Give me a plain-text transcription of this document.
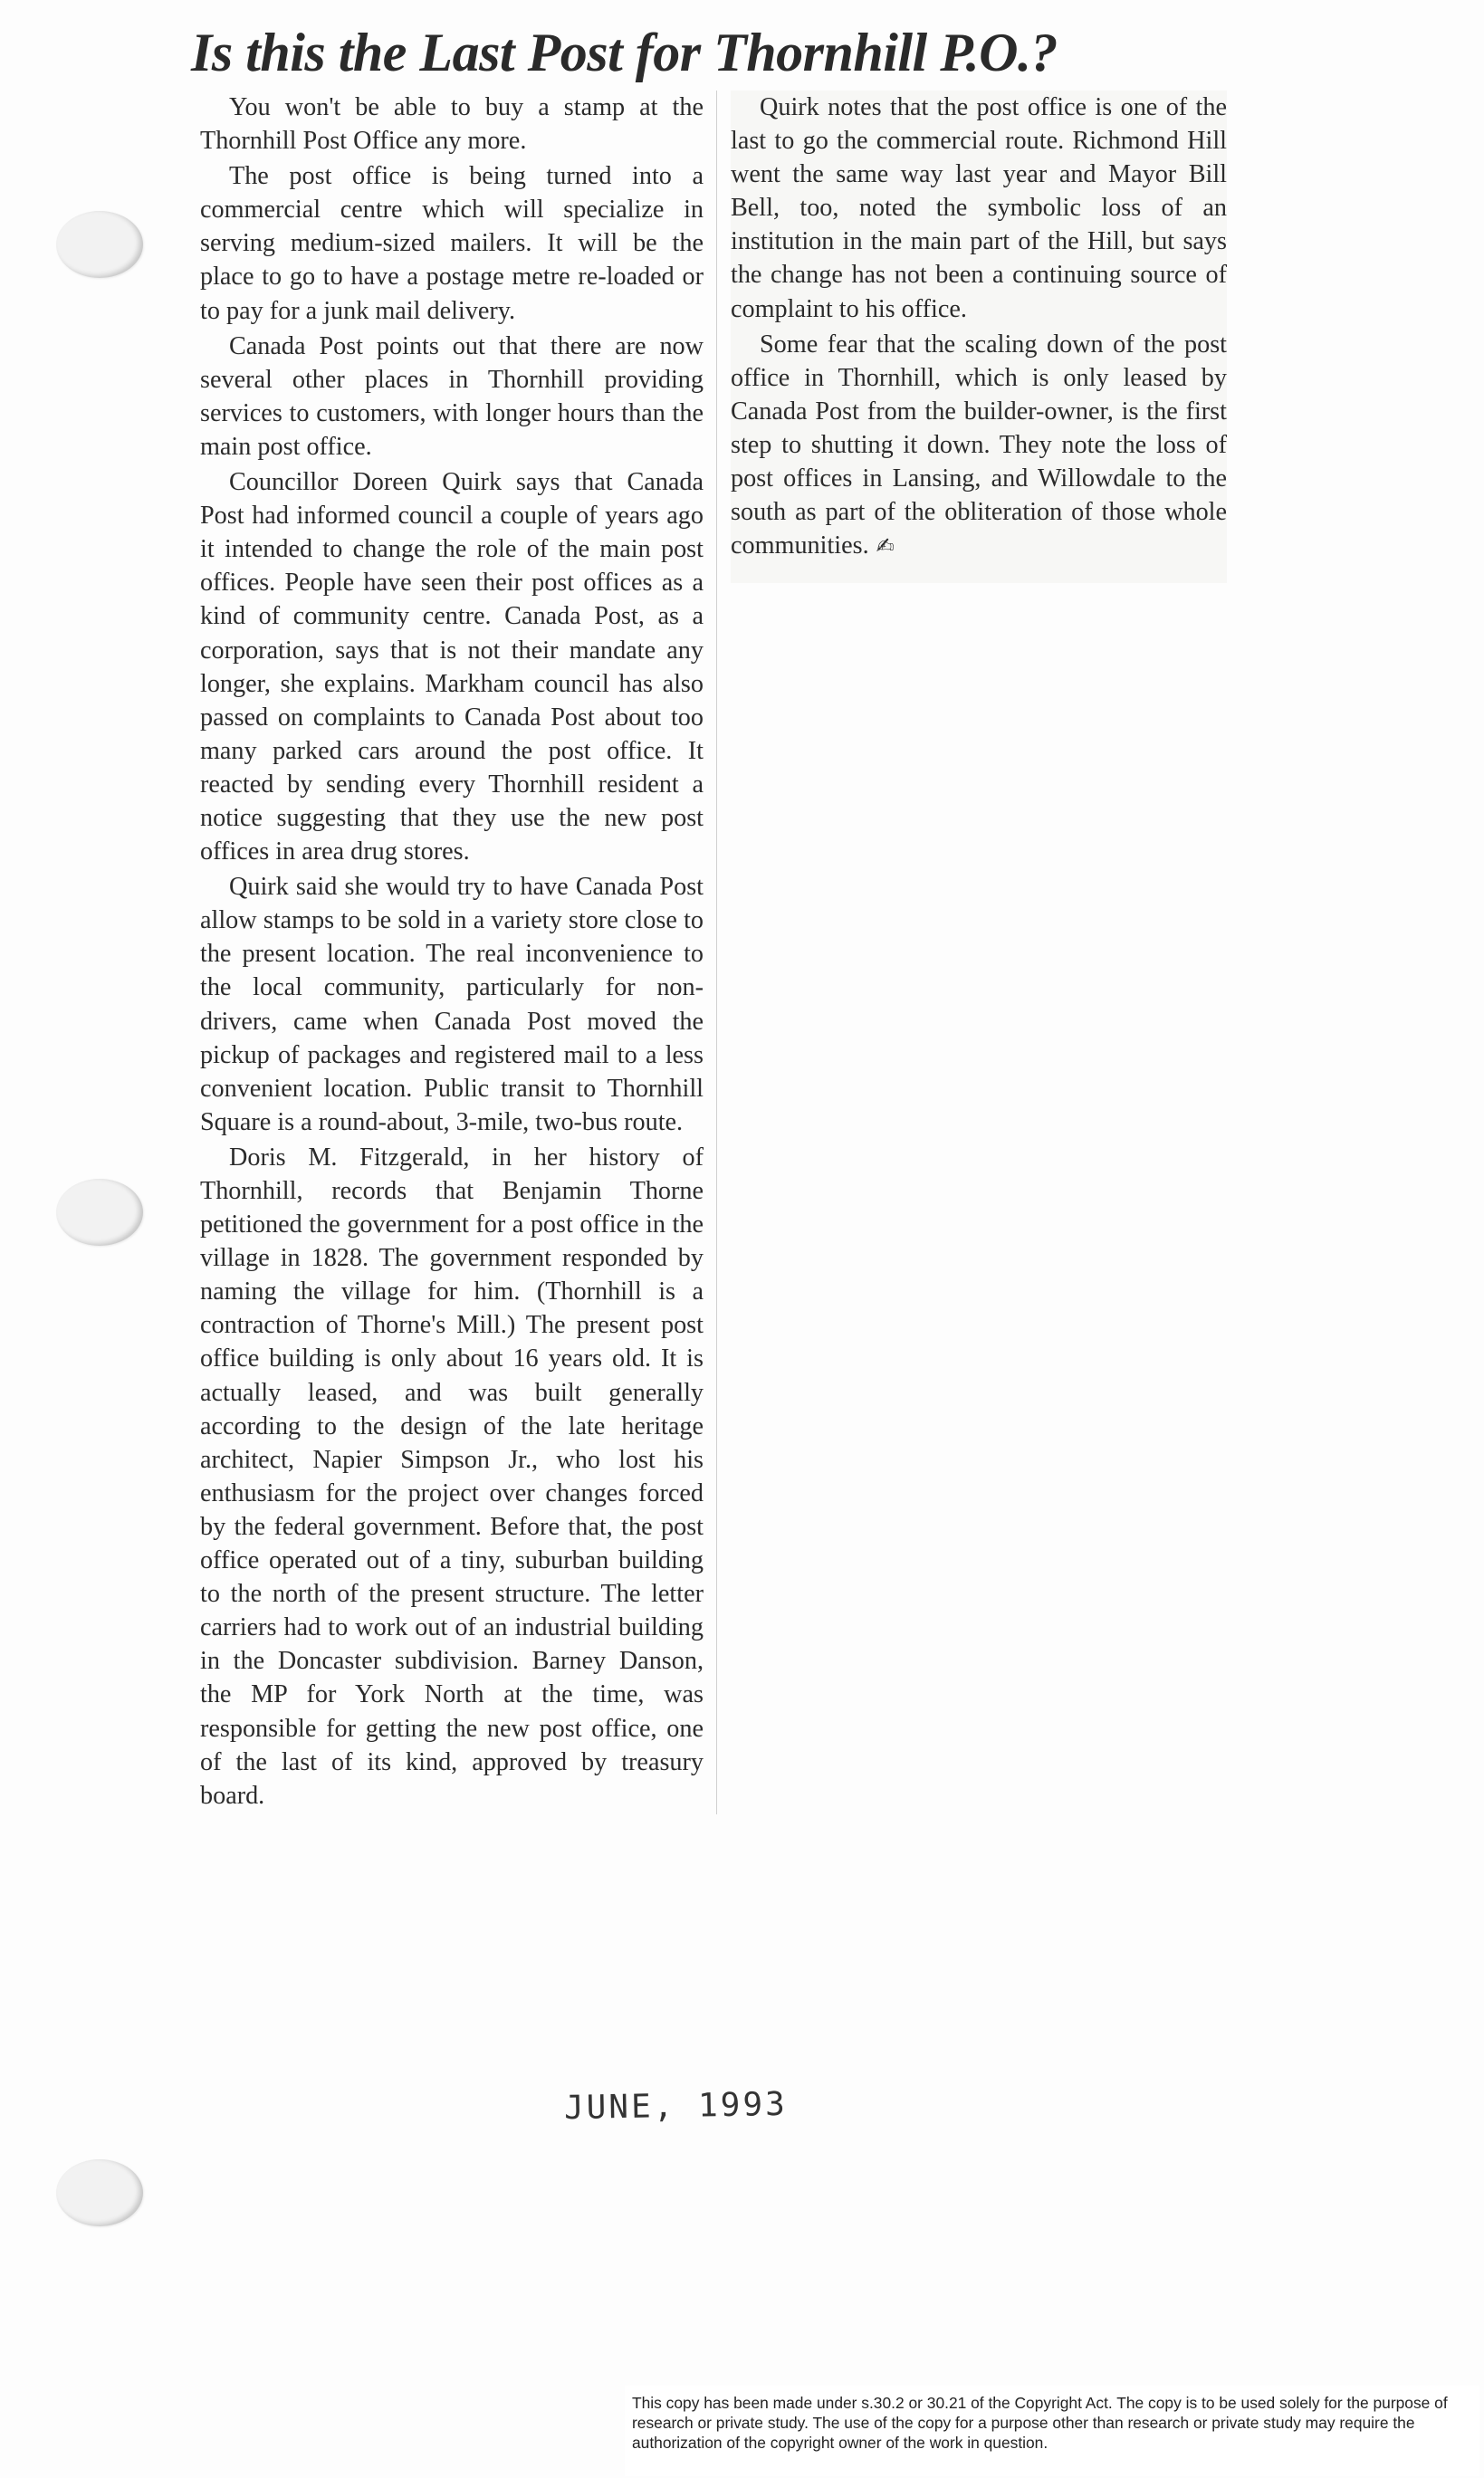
Is this the Last Post for Thornhill P.O.?

You won't be able to buy a stamp at the Thornhill Post Office any more.

The post office is being turned into a commercial centre which will specialize in serving medium-sized mailers. It will be the place to go to have a postage metre re-loaded or to pay for a junk mail delivery.

Canada Post points out that there are now several other places in Thornhill providing services to customers, with longer hours than the main post office.

Councillor Doreen Quirk says that Canada Post had informed council a couple of years ago it intended to change the role of the main post offices. People have seen their post offices as a kind of community centre. Canada Post, as a corporation, says that is not their mandate any longer, she explains. Markham council has also passed on complaints to Canada Post about too many parked cars around the post office. It reacted by sending every Thornhill resident a notice suggesting that they use the new post offices in area drug stores.

Quirk said she would try to have Canada Post allow stamps to be sold in a variety store close to the present location. The real inconvenience to the local community, particularly for non-drivers, came when Canada Post moved the pickup of packages and registered mail to a less convenient location. Public transit to Thornhill Square is a round-about, 3-mile, two-bus route.

Doris M. Fitzgerald, in her history of Thornhill, records that Benjamin Thorne petitioned the government for a post office in the village in 1828. The government responded by naming the village for him. (Thornhill is a contraction of Thorne's Mill.) The present post office building is only about 16 years old. It is actually leased, and was built generally according to the design of the late heritage architect, Napier Simpson Jr., who lost his enthusiasm for the project over changes forced by the federal government. Before that, the post office operated out of a tiny, suburban building to the north of the present structure. The letter carriers had to work out of an industrial building in the Doncaster subdivision. Barney Danson, the MP for York North at the time, was responsible for getting the new post office, one of the last of its kind, approved by treasury board.

Quirk notes that the post office is one of the last to go the commercial route. Richmond Hill went the same way last year and Mayor Bill Bell, too, noted the symbolic loss of an institution in the main part of the Hill, but says the change has not been a continuing source of complaint to his office.

Some fear that the scaling down of the post office in Thornhill, which is only leased by Canada Post from the builder-owner, is the first step to shutting it down. They note the loss of post offices in Lansing, and Willowdale to the south as part of the obliteration of those whole communities. ✍

JUNE, 1993
This copy has been made under s.30.2 or 30.21 of the Copyright Act. The copy is to be used solely for the purpose of research or private study. The use of the copy for a purpose other than research or private study may require the authorization of the copyright owner of the work in question.
